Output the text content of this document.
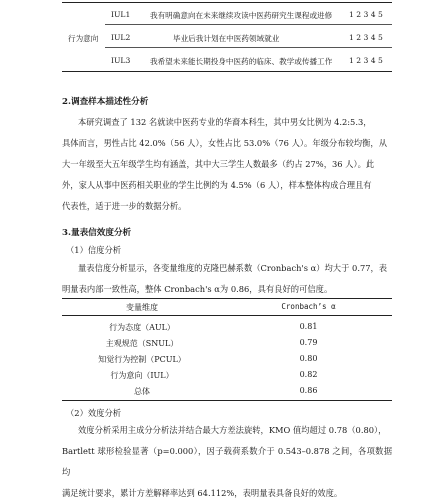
IUL1	我有明确意向在未来继续攻读中医药研究生课程或进修 1 2 3 4 5
行为意向 IUL2	毕业后我计划在中医药领域就业	1 2 3 4 5
IUL3	我希望未来能长期投身中医药的临床、教学或传播工作 1 2 3 4 5
2.调查样本描述性分析
本研究调查了 132 名就读中医药专业的华裔本科生，其中男女比例为 4.2:5.3，
具体而言，男性占比 42.0%（56 人），女性占比 53.0%（76 人）。年级分布较均衡，从
大一年级至大五年级学生均有涵盖，其中大三学生人数最多（约占 27%，36 人）。此
外，家人从事中医药相关职业的学生比例约为 4.5%（6 人），样本整体构成合理且有
代表性，适于进一步的数据分析。
3.量表信效度分析
（1）信度分析
量表信度分析显示，各变量维度的克隆巴赫系数（Cronbach's α）均大于 0.77，表
明量表内部一致性高，整体 Cronbach's α为 0.86，具有良好的可信度。
变量维度	Cronbach’s α
行为态度（AUL）	0.81
主观规范（SNUL）	0.79
知觉行为控制（PCUL）	0.80
行为意向（IUL）	0.82
总体	0.86
（2）效度分析
效度分析采用主成分分析法并结合最大方差法旋转，KMO 值均超过 0.78（0.80），
Bartlett 球形检验显著（p=0.000），因子载荷系数介于 0.543–0.878 之间，各项数据均
满足统计要求，累计方差解释率达到 64.112%，表明量表具备良好的效度。
